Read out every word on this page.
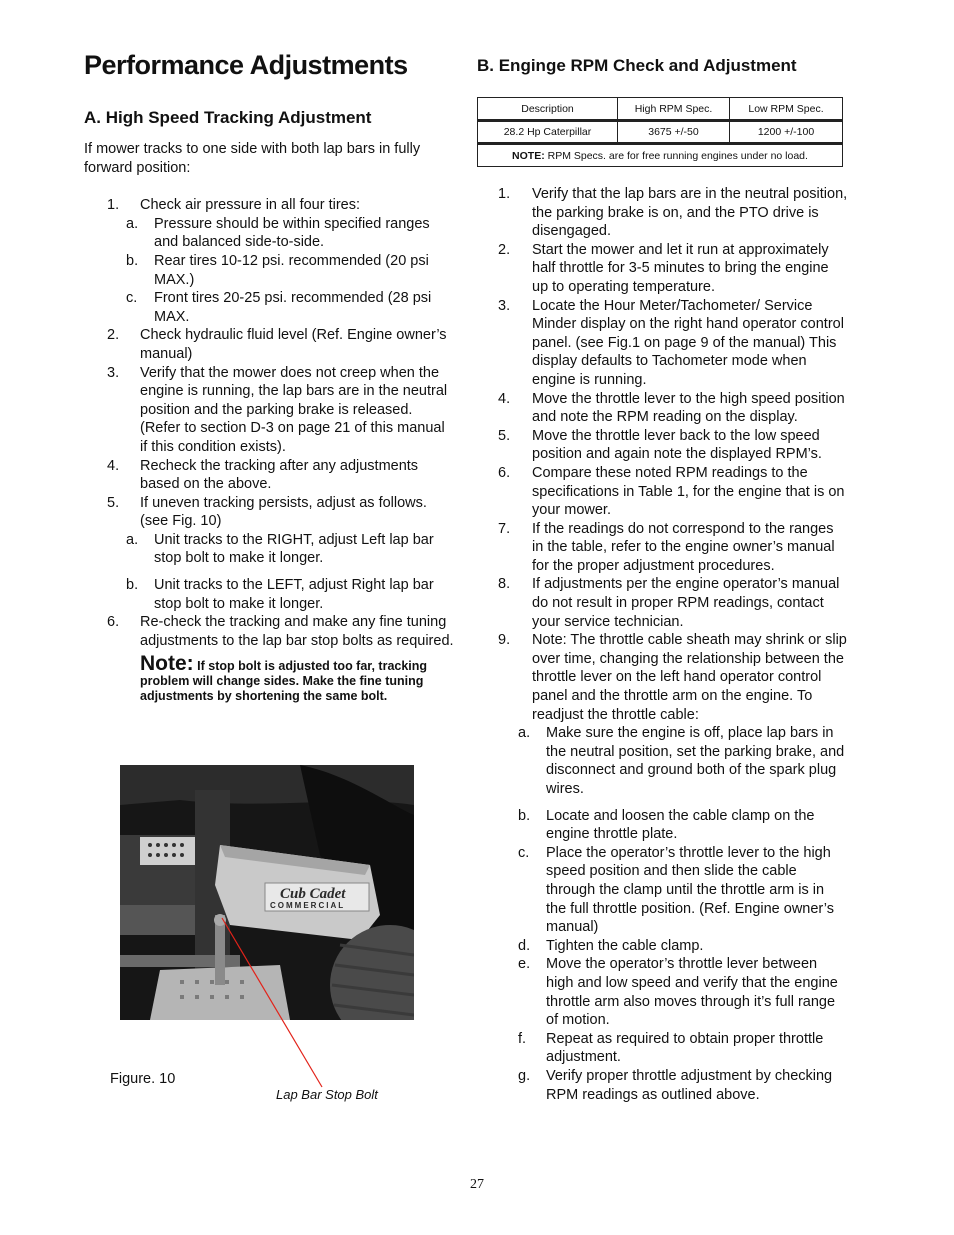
Performance Adjustments
A. High Speed Tracking Adjustment
B. Enginge RPM Check and Adjustment
If mower tracks to one side with both lap bars in fully forward position:
1.	Check air pressure in all four tires:
a.	Pressure should be within specified ranges and balanced side-to-side.
b.	Rear tires 10-12 psi. recommended (20 psi MAX.)
c.	Front tires 20-25 psi. recommended (28 psi MAX.
2.	Check hydraulic fluid level (Ref. Engine owner’s manual)
3.	Verify that the mower does not creep when the engine is running, the lap bars are in the neutral position and the parking brake is released. (Refer to section D-3 on page 21 of this manual if this condition exists).
4.	Recheck the tracking after any adjustments based on the above.
5.	If uneven tracking persists, adjust as follows. (see Fig. 10)
a.	Unit tracks to the RIGHT, adjust Left lap bar stop bolt to make it longer.
b.	Unit tracks to the LEFT, adjust Right lap bar stop bolt to make it longer.
6.	Re-check the tracking and make any fine tuning adjustments to the lap bar stop bolts as required.
Note: If stop bolt is adjusted too far, tracking problem will change sides. Make the fine tuning adjustments by shortening the same bolt.
Description	High RPM Spec.	Low RPM Spec.
28.2 Hp Caterpillar	3675 +/-50	1200 +/-100
NOTE: RPM Specs. are for free running engines under no load.		
1.	Verify that the lap bars are in the neutral position, the parking brake is on, and the PTO drive is disengaged.
2.	Start the mower and let it run at approximately half throttle for 3-5 minutes to bring the engine up to operating temperature.
3.	Locate the Hour Meter/Tachometer/ Service Minder display on the right hand operator control panel. (see Fig.1 on page 9 of the manual) This display defaults to Tachometer mode when engine is running.
4.	Move the throttle lever to the high speed position and note the RPM reading on the display.
5.	Move the throttle lever back to the low speed position and again note the displayed RPM’s.
6.	Compare these noted RPM readings to the specifications in Table 1, for the engine that is on your mower.
7.	If the readings do not correspond to the ranges in the table, refer to the engine owner’s manual for the proper adjustment procedures.
8.	If adjustments per the engine operator’s manual do not result in proper RPM readings, contact your service technician.
9.	Note: The throttle cable sheath may shrink or slip over time, changing the relationship between the throttle lever on the left hand operator control panel and the throttle arm on the engine. To readjust the throttle cable:
a.	Make sure the engine is off, place lap bars in the neutral position, set the parking brake, and disconnect and ground both of the spark plug wires.
b.	Locate and loosen the cable clamp on the engine throttle plate.
c.	Place the operator’s throttle lever to the high speed position and then slide the cable through the clamp until the throttle arm is in the full throttle position. (Ref. Engine owner’s manual)
d.	Tighten the cable clamp.
e.	Move the operator’s throttle lever between high and low speed and verify that the engine throttle arm also moves through it’s full range of motion.
f.	Repeat as required to obtain proper throttle adjustment.
g.	Verify proper throttle adjustment by checking RPM readings as outlined above.
Cub Cadet
COMMERCIAL
Figure. 10
Lap Bar Stop Bolt
27
